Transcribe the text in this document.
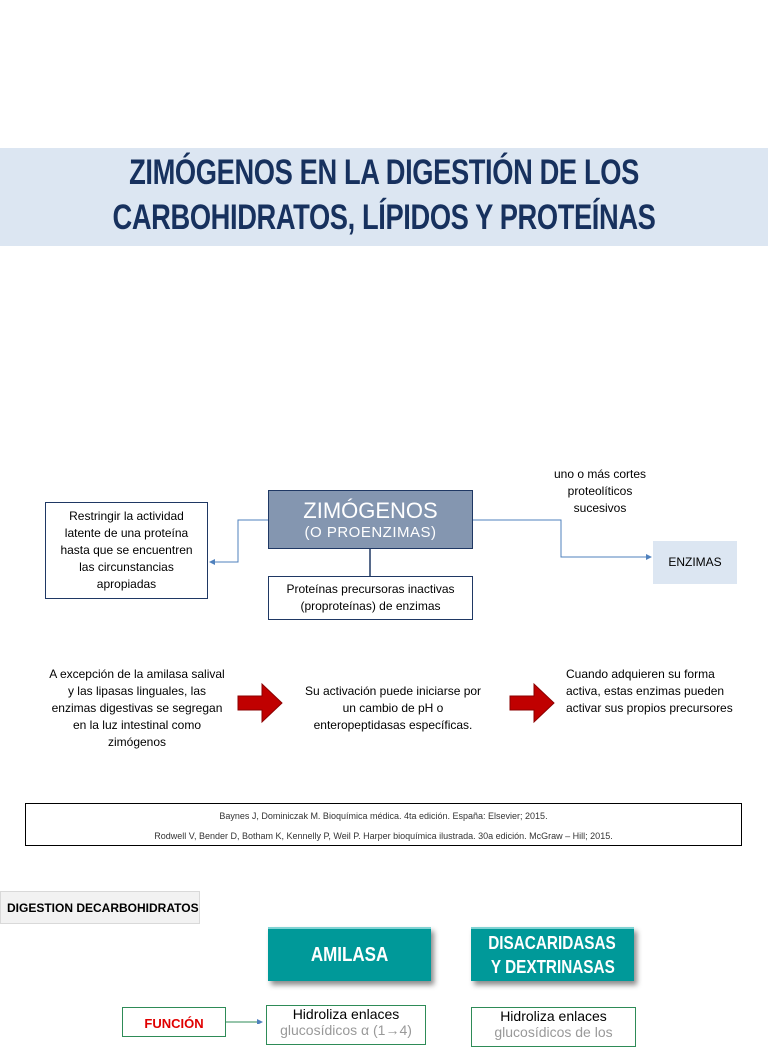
ZIMÓGENOS EN LA DIGESTIÓN DE LOS
CARBOHIDRATOS, LÍPIDOS Y PROTEÍNAS
Restringir la actividad latente de una proteína hasta que se encuentren las circunstancias apropiadas
ZIMÓGENOS
(O PROENZIMAS)
Proteínas precursoras inactivas (proproteínas) de enzimas
uno o más cortes proteolíticos sucesivos
ENZIMAS
A excepción de la amilasa salival y las lipasas linguales, las enzimas digestivas se segregan en la luz intestinal como zimógenos
Su activación puede iniciarse por un cambio de pH o enteropeptidasas específicas.
Cuando adquieren su forma activa, estas enzimas pueden activar sus propios precursores
Baynes J, Dominiczak M. Bioquímica médica. 4ta edición. España: Elsevier; 2015.
Rodwell V, Bender D, Botham K, Kennelly P, Weil P. Harper bioquímica ilustrada. 30a edición. McGraw – Hill; 2015.
DIGESTION DECARBOHIDRATOS
AMILASA
DISACARIDASAS
Y DEXTRINASAS
FUNCIÓN
Hidroliza enlaces
glucosídicos α (1→4)
Hidroliza enlaces
glucosídicos de los
